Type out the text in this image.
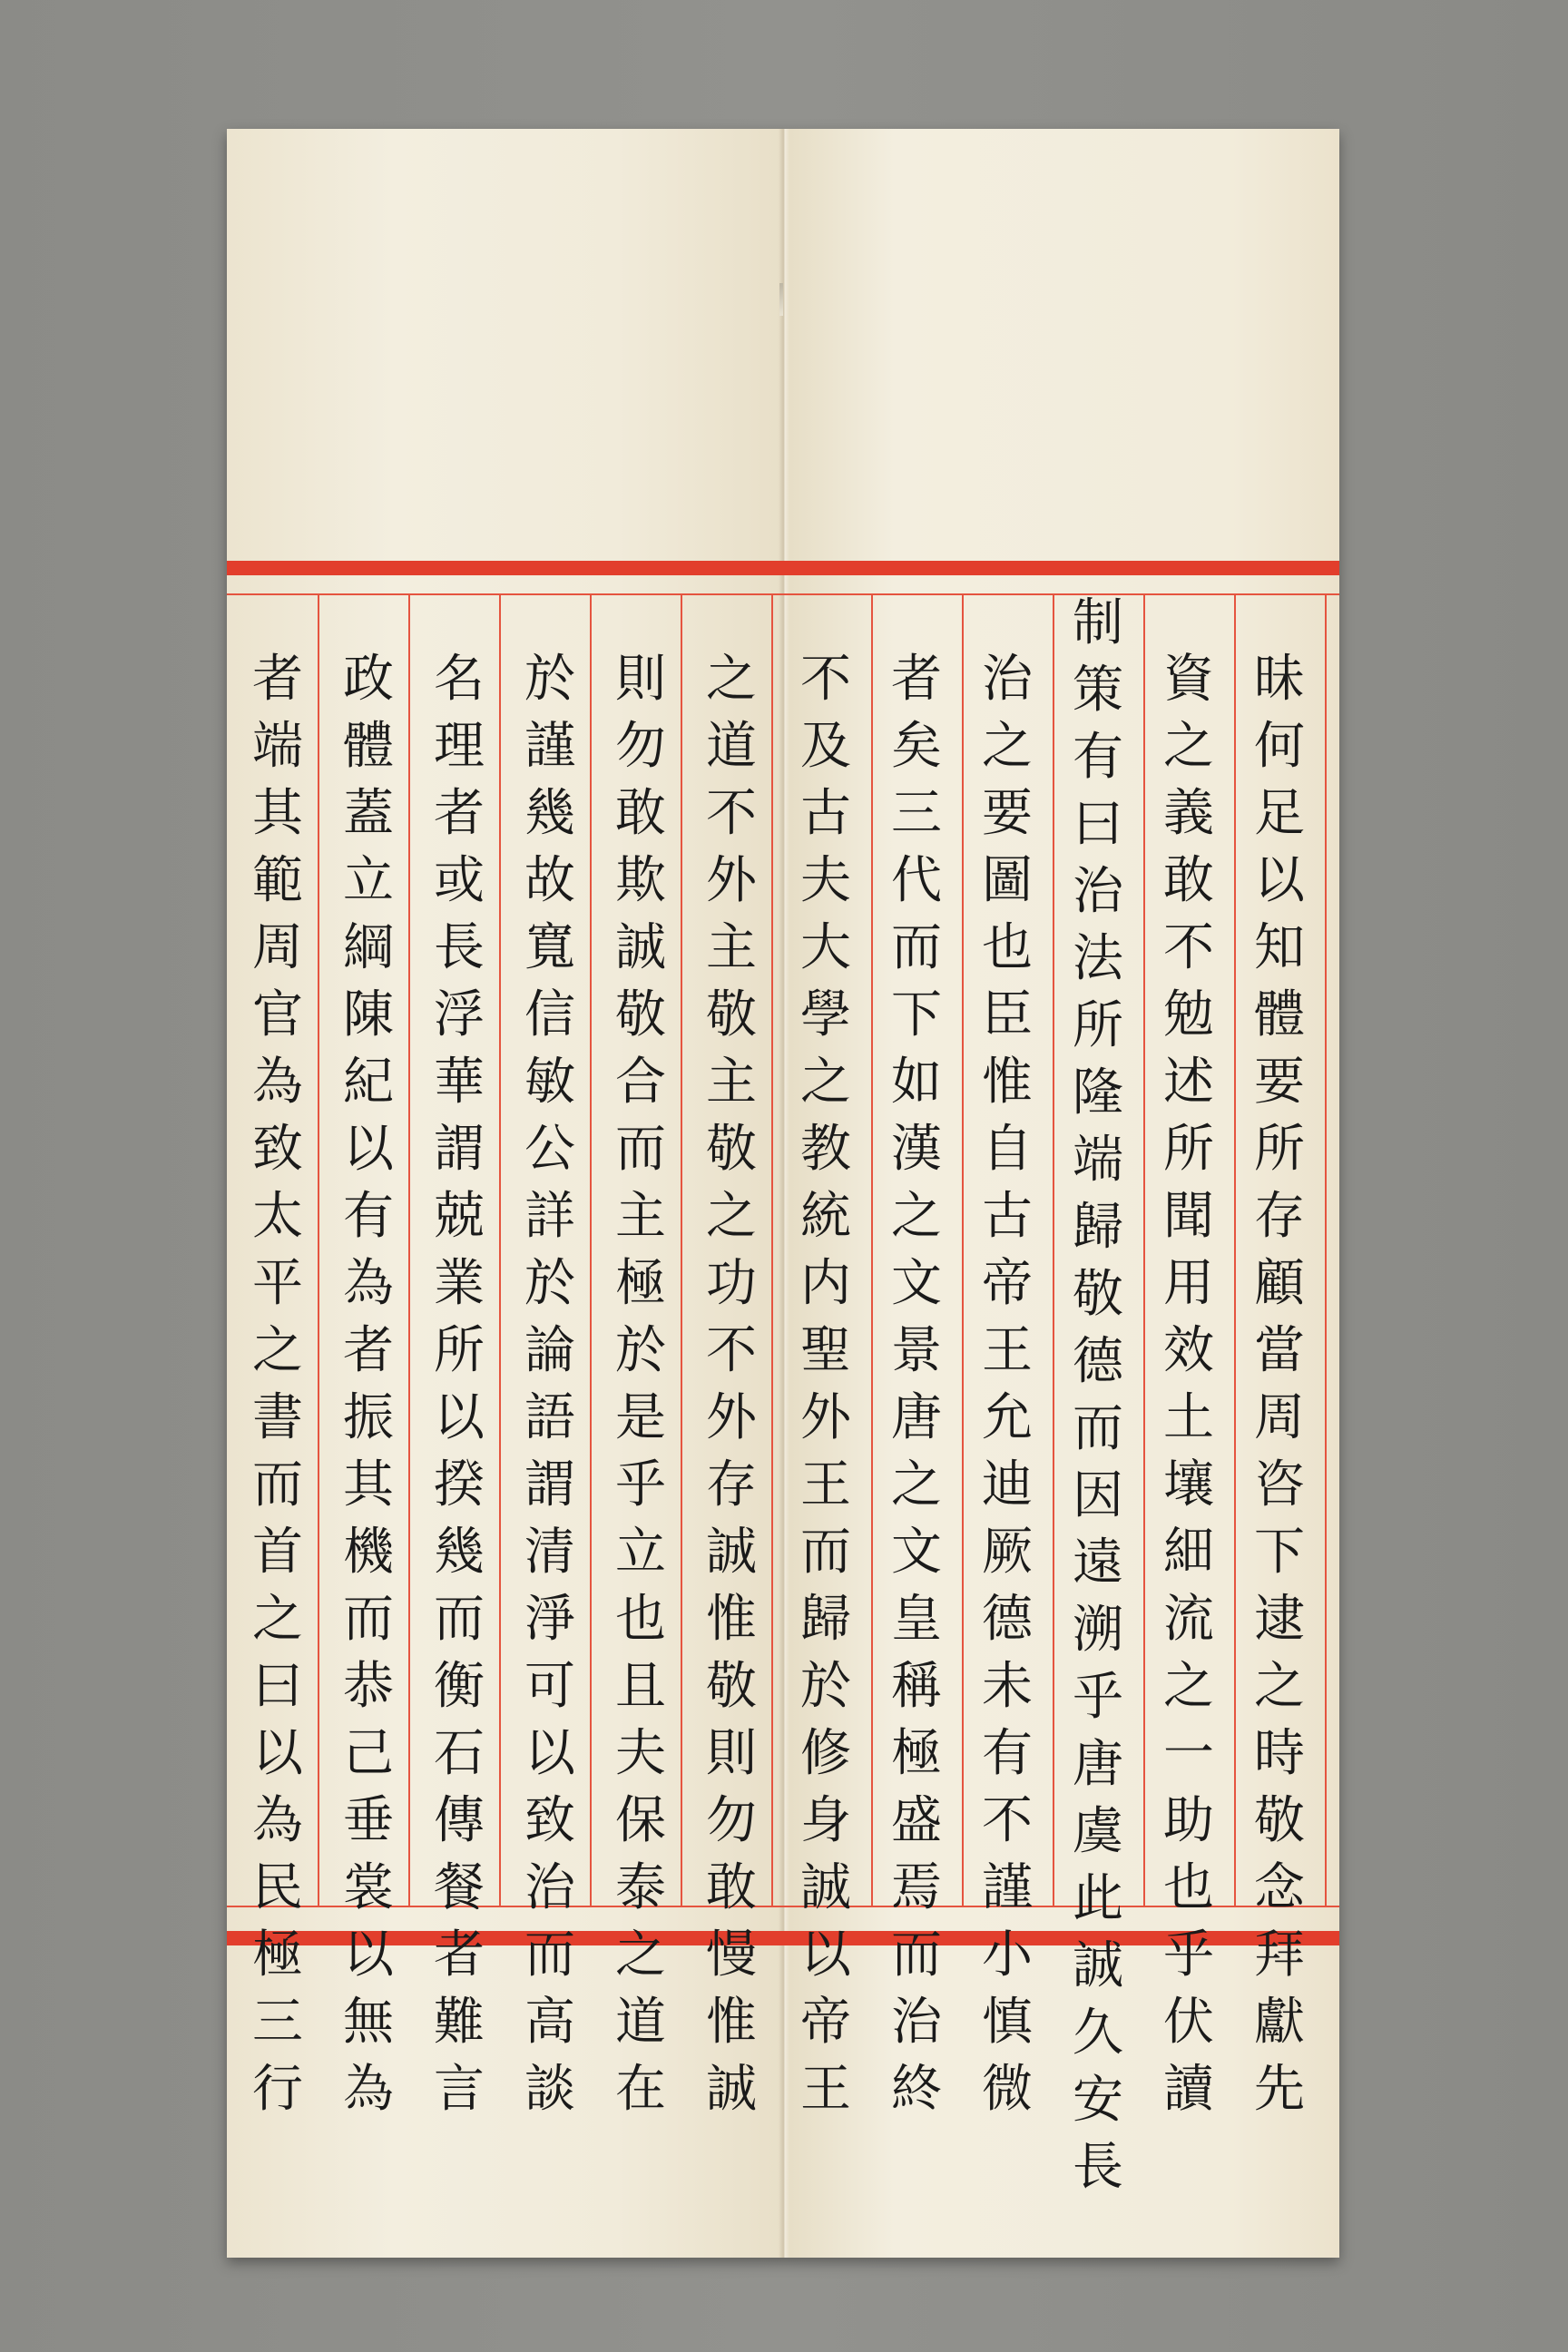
昧
何
足
以
知
體
要
所
存
顧
當
周
咨
下
逮
之
時
敬
念
拜
獻
先
資
之
義
敢
不
勉
述
所
聞
用
效
土
壤
細
流
之
一
助
也
乎
伏
讀
制
策
有
曰
治
法
所
隆
端
歸
敬
德
而
因
遠
溯
乎
唐
虞
此
誠
久
安
長
治
之
要
圖
也
臣
惟
自
古
帝
王
允
迪
厥
德
未
有
不
謹
小
慎
微
者
矣
三
代
而
下
如
漢
之
文
景
唐
之
文
皇
稱
極
盛
焉
而
治
終
不
及
古
夫
大
學
之
教
統
内
聖
外
王
而
歸
於
修
身
誠
以
帝
王
之
道
不
外
主
敬
主
敬
之
功
不
外
存
誠
惟
敬
則
勿
敢
慢
惟
誠
則
勿
敢
欺
誠
敬
合
而
主
極
於
是
乎
立
也
且
夫
保
泰
之
道
在
於
謹
幾
故
寬
信
敏
公
詳
於
論
語
謂
清
淨
可
以
致
治
而
高
談
名
理
者
或
長
浮
華
謂
兢
業
所
以
揆
幾
而
衡
石
傳
餐
者
難
言
政
體
蓋
立
綱
陳
紀
以
有
為
者
振
其
機
而
恭
己
垂
裳
以
無
為
者
端
其
範
周
官
為
致
太
平
之
書
而
首
之
曰
以
為
民
極
三
行
